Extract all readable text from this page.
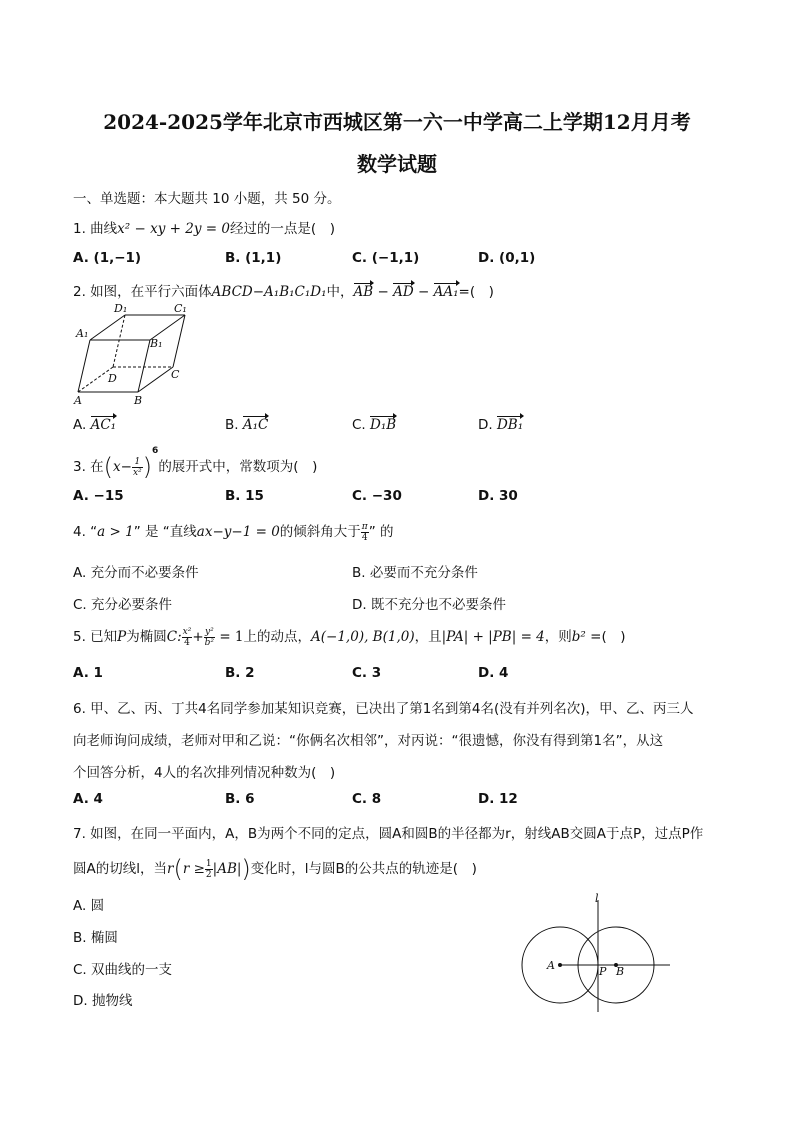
2024-2025学年北京市西城区第一六一中学高二上学期12月月考
数学试题
一、单选题：本大题共 10 小题，共 50 分。
1. 曲线x² − xy + 2y = 0经过的一点是(　)
A. (1,−1)	B. (1,1)	C. (−1,1)	D. (0,1)
2. 如图，在平行六面体ABCD−A₁B₁C₁D₁中，AB − AD − AA₁=(　)
D₁	C₁
A₁
B₁
D	C
A	B
A. AC₁	B. A₁C	C. D₁B	D. DB₁
3. 在$(x- \frac{1}{\text{x²}} )^6$的展开式中，常数项为(　)
A. −15	B. 15	C. −30	D. 30
4. “a > 1” 是 “直线ax−y−1 = 0的倾斜角大于 $\frac{\pi}{4}$ ” 的
A. 充分而不必要条件	B. 必要而不充分条件
C. 充分必要条件	D. 既不充分也不必要条件
5. 已知P为椭圆C: $\frac{\text{x²}}{4} + \frac{\text{y²}}{\text{b²}} = 1$上的动点，A(−1,0), B(1,0)，且|PA| + |PB| = 4，则b² =(　)
A. 1	B. 2	C. 3	D. 4
6. 甲、乙、丙、丁共4名同学参加某知识竞赛，已决出了第1名到第4名(没有并列名次)，甲、乙、丙三人
向老师询问成绩，老师对甲和乙说：“你俩名次相邻”，对丙说：“很遗憾，你没有得到第1名”，从这
个回答分析，4人的名次排列情况种数为(　)
A. 4	B. 6	C. 8	D. 12
7. 如图，在同一平面内，A，B为两个不同的定点，圆A和圆B的半径都为r，射线AB交圆A于点P，过点P作
圆A的切线l，当$r(r \ge \frac{1}{2} |AB|)$变化时，l与圆B的公共点的轨迹是(　)
A. 圆
B. 椭圆
C. 双曲线的一支
D. 抛物线
l
A	P B
